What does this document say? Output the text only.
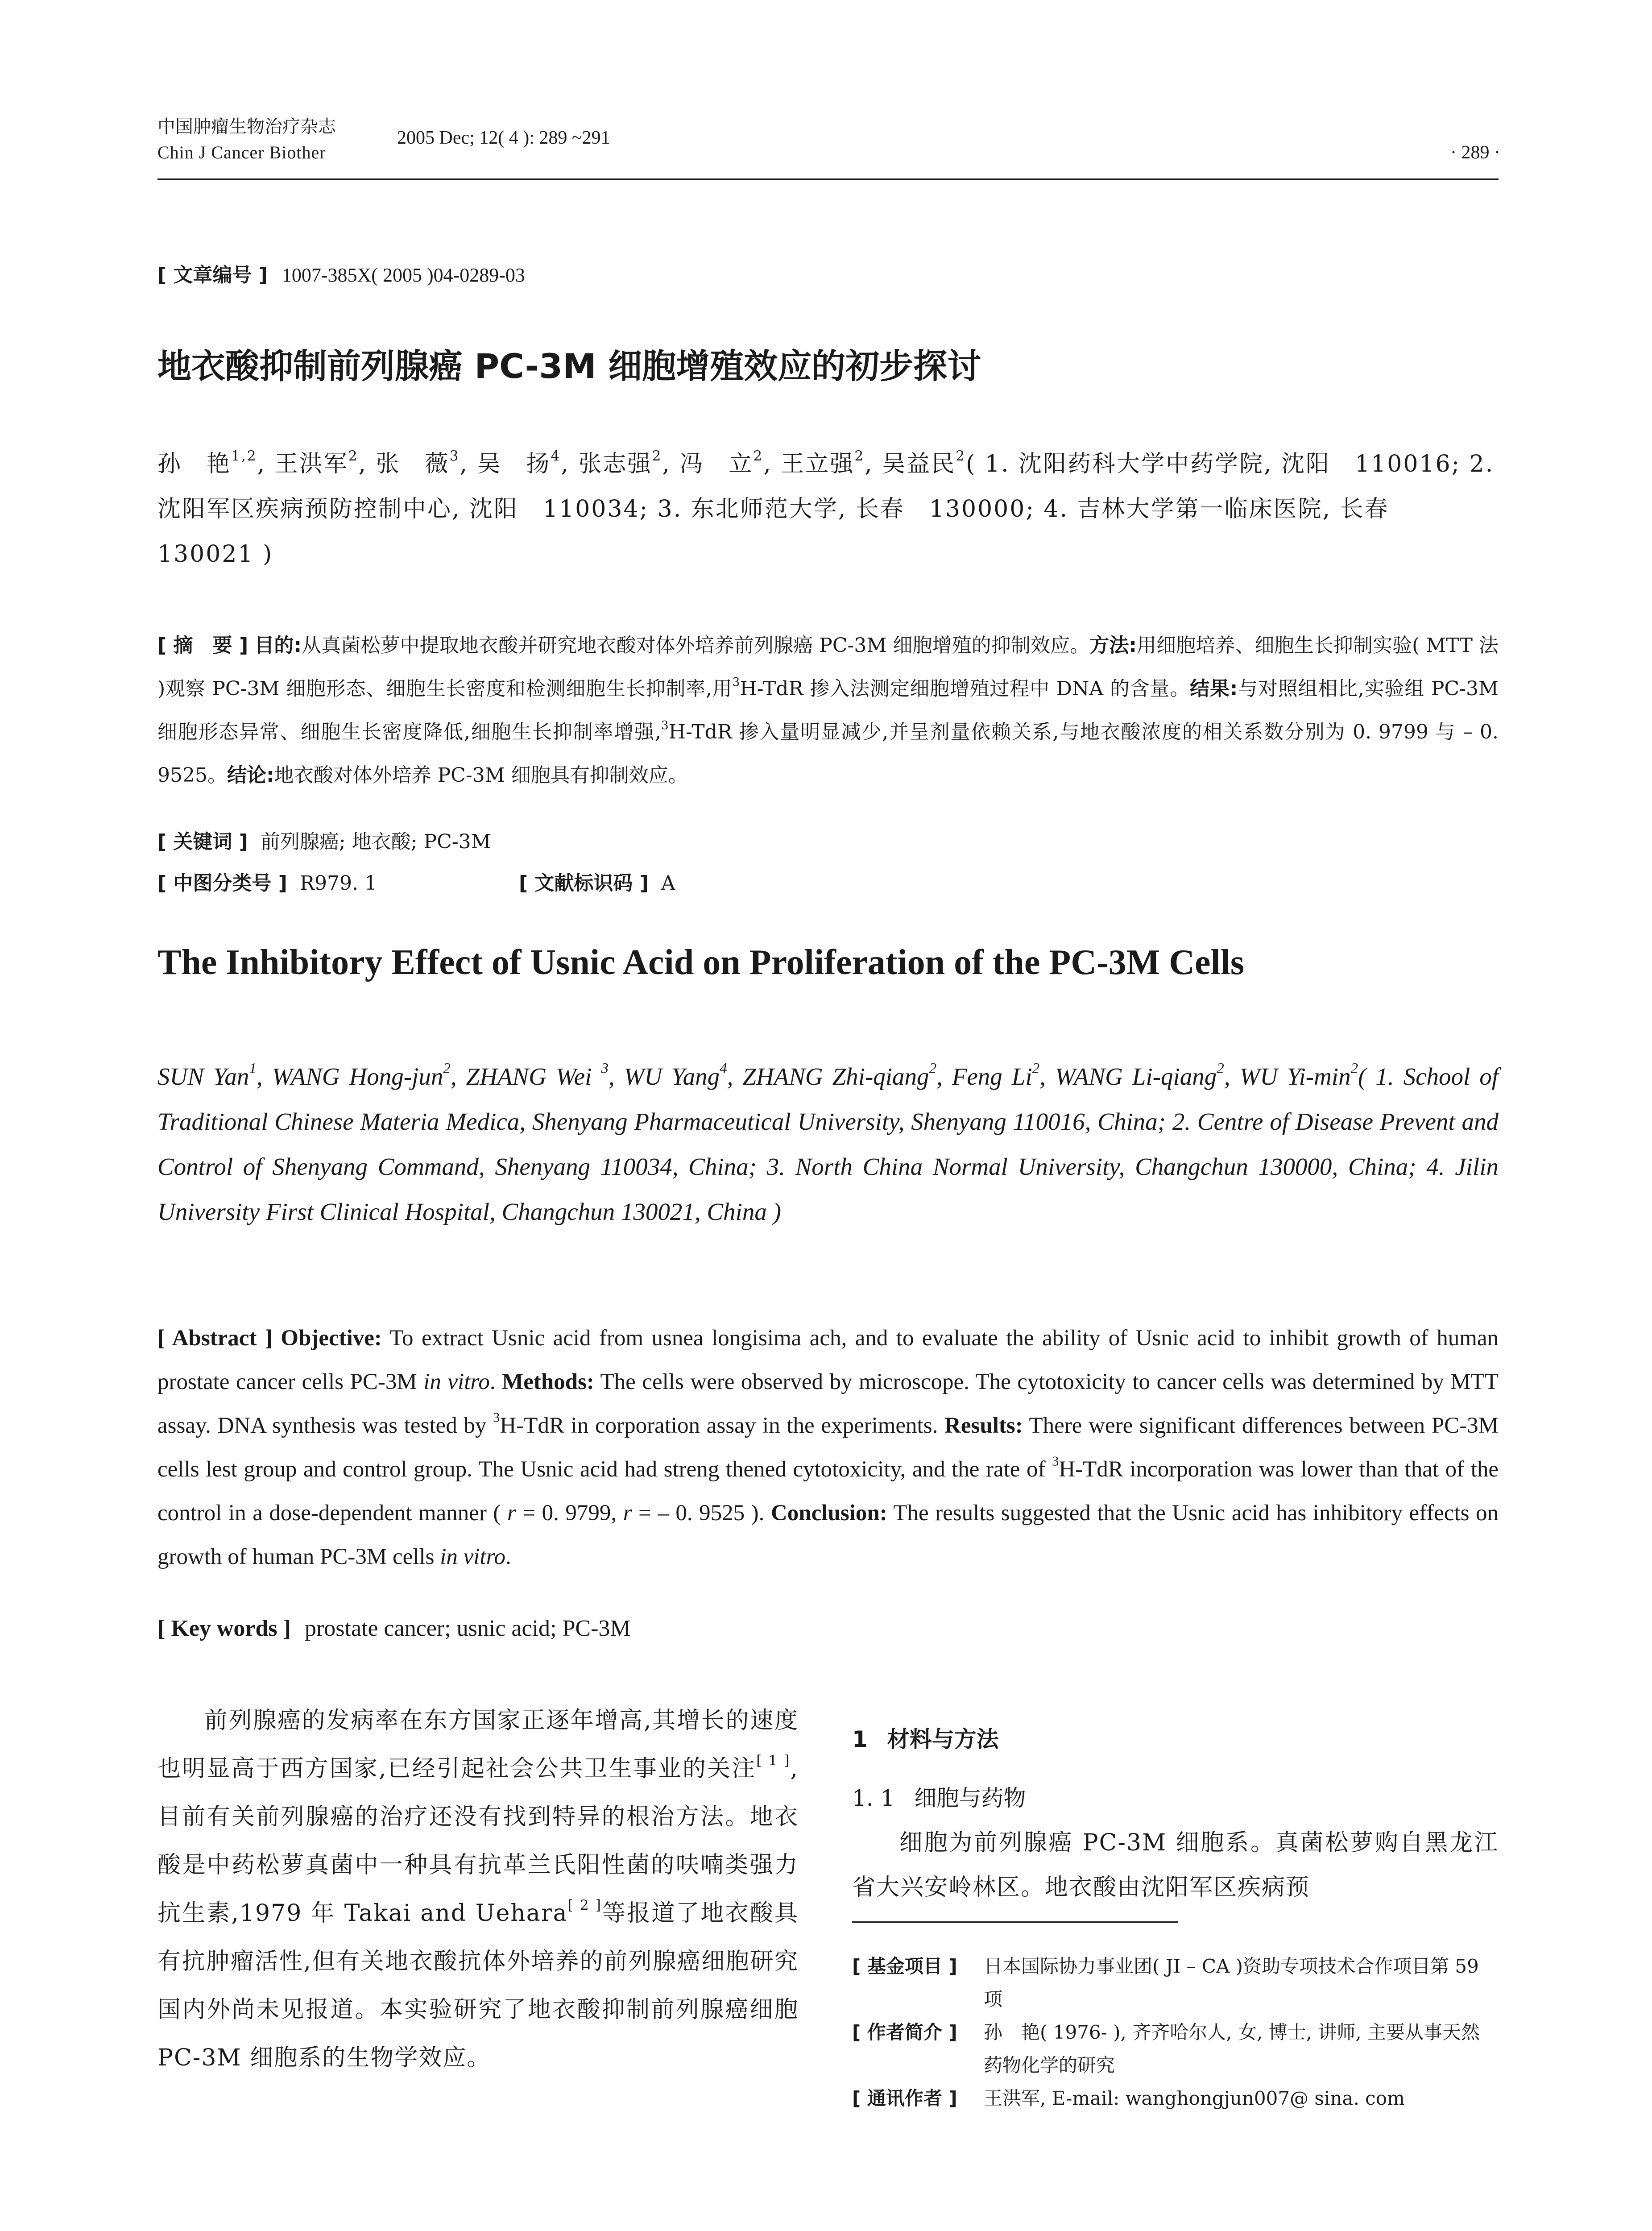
中国肿瘤生物治疗杂志
Chin J Cancer Biother
2005 Dec; 12( 4 ): 289 ~291
· 289 ·
[ 文章编号 ] 1007-385X( 2005 )04-0289-03
地衣酸抑制前列腺癌 PC-3M 细胞增殖效应的初步探讨
孙　艳$^{1,2}$, 王洪军$^2$, 张　薇$^3$, 吴　扬$^4$, 张志强$^2$, 冯　立$^2$, 王立强$^2$, 吴益民$^2$( 1. 沈阳药科大学中药学院, 沈阳　110016; 2. 沈阳军区疾病预防控制中心, 沈阳　110034; 3. 东北师范大学, 长春　130000; 4. 吉林大学第一临床医院, 长春　130021 )
[ 摘　要 ] 目的:从真菌松萝中提取地衣酸并研究地衣酸对体外培养前列腺癌 PC-3M 细胞增殖的抑制效应。方法:用细胞培养、细胞生长抑制实验( MTT 法 )观察 PC-3M 细胞形态、细胞生长密度和检测细胞生长抑制率,用$^3$H-TdR 掺入法测定细胞增殖过程中 DNA 的含量。结果:与对照组相比,实验组 PC-3M 细胞形态异常、细胞生长密度降低,细胞生长抑制率增强,$^3$H-TdR 掺入量明显减少,并呈剂量依赖关系,与地衣酸浓度的相关系数分别为 0. 9799 与 – 0. 9525。结论:地衣酸对体外培养 PC-3M 细胞具有抑制效应。
[ 关键词 ] 前列腺癌; 地衣酸; PC-3M
[ 中图分类号 ] R979. 1	[ 文献标识码 ] A
The Inhibitory Effect of Usnic Acid on Proliferation of the PC-3M Cells
SUN Yan$^1$, WANG Hong-jun$^2$, ZHANG Wei $^3$, WU Yang$^4$, ZHANG Zhi-qiang$^2$, Feng Li$^2$, WANG Li-qiang$^2$, WU $Yi-\min^2$( 1. School of Traditional Chinese Materia Medica, Shenyang Pharmaceutical University, Shenyang 110016, China; 2. Centre of Disease Prevent and Control of Shenyang Command, Shenyang 110034, China; 3. North China Normal University, Changchun 130000, China; 4. Jilin University First Clinical Hospital, Changchun 130021, China )
[ Abstract ] Objective: To extract Usnic acid from usnea longisima ach, and to evaluate the ability of Usnic acid to inhibit growth of human prostate cancer cells PC-3M in vitro. Methods: The cells were observed by microscope. The cytotoxicity to cancer cells was determined by MTT assay. DNA synthesis was tested by $^3$H-TdR in corporation assay in the experiments. Results: There were significant differences between PC-3M cells lest group and control group. The Usnic acid had streng thened cytotoxicity, and the rate of $^3$H-TdR incorporation was lower than that of the control in a dose-dependent manner ( r = 0. 9799, r = – 0. 9525 ). Conclusion: The results suggested that the Usnic acid has inhibitory effects on growth of human PC-3M cells in vitro.
[ Key words ] prostate cancer; usnic acid; PC-3M
前列腺癌的发病率在东方国家正逐年增高,其增长的速度也明显高于西方国家,已经引起社会公共卫生事业的关注[ 1 ],目前有关前列腺癌的治疗还没有找到特异的根治方法。地衣酸是中药松萝真菌中一种具有抗革兰氏阳性菌的呋喃类强力抗生素,1979 年 Takai and Uehara[ 2 ]等报道了地衣酸具有抗肿瘤活性,但有关地衣酸抗体外培养的前列腺癌细胞研究国内外尚未见报道。本实验研究了地衣酸抑制前列腺癌细胞 PC-3M 细胞系的生物学效应。
1 材料与方法
1. 1 细胞与药物
细胞为前列腺癌 PC-3M 细胞系。真菌松萝购自黑龙江省大兴安岭林区。地衣酸由沈阳军区疾病预
[ 基金项目 ]	日本国际协力事业团( JI – CA )资助专项技术合作项目第 59 项
[ 作者简介 ]	孙　艳( 1976- ), 齐齐哈尔人, 女, 博士, 讲师, 主要从事天然药物化学的研究
[ 通讯作者 ]	王洪军, E-mail: wanghongjun007@ sina. com
